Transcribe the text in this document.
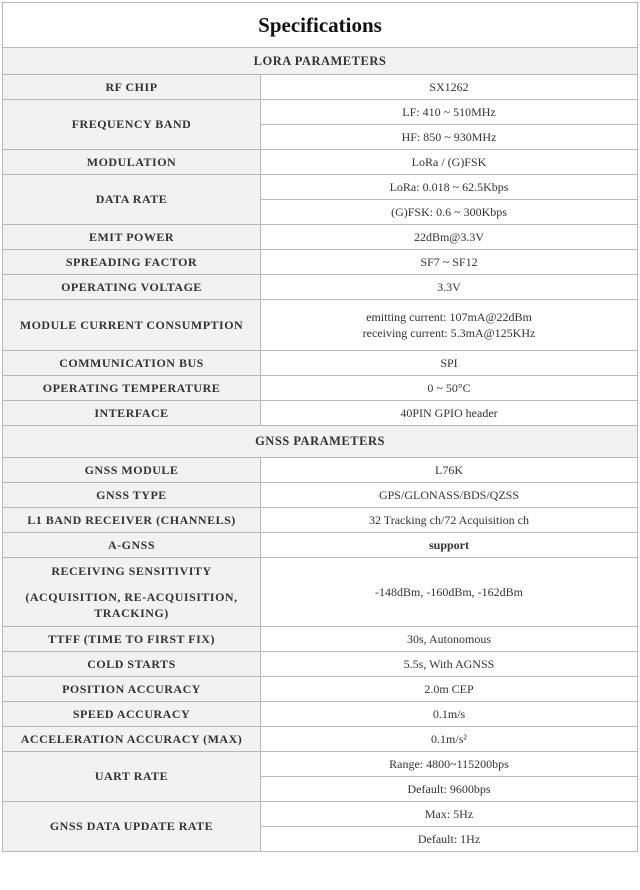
Specifications	
LORA PARAMETERS	
RF CHIP	SX1262
FREQUENCY BAND	LF: 410 ~ 510MHz
	HF: 850 ~ 930MHz
MODULATION	LoRa / (G)FSK
DATA RATE	LoRa: 0.018 ~ 62.5Kbps
	(G)FSK: 0.6 ~ 300Kbps
EMIT POWER	22dBm@3.3V
SPREADING FACTOR	SF7 ~ SF12
OPERATING VOLTAGE	3.3V
MODULE CURRENT CONSUMPTION	emitting current: 107mA@22dBm
receiving current: 5.3mA@125KHz

COMMUNICATION BUS	SPI
OPERATING TEMPERATURE	0 ~ 50°C
INTERFACE	40PIN GPIO header
GNSS PARAMETERS	
GNSS MODULE	L76K
GNSS TYPE	GPS/GLONASS/BDS/QZSS
L1 BAND RECEIVER (CHANNELS)	32 Tracking ch/72 Acquisition ch
A-GNSS	support

RECEIVING SENSITIVITY
(ACQUISITION, RE-ACQUISITION,
TRACKING)	-148dBm, -160dBm, -162dBm
TTFF (TIME TO FIRST FIX)	30s, Autonomous
COLD STARTS	5.5s, With AGNSS
POSITION ACCURACY	2.0m CEP
SPEED ACCURACY	0.1m/s
ACCELERATION ACCURACY (MAX)	0.1m/s²
UART RATE	Range: 4800~115200bps
	Default: 9600bps
GNSS DATA UPDATE RATE	Max: 5Hz
	Default: 1Hz
